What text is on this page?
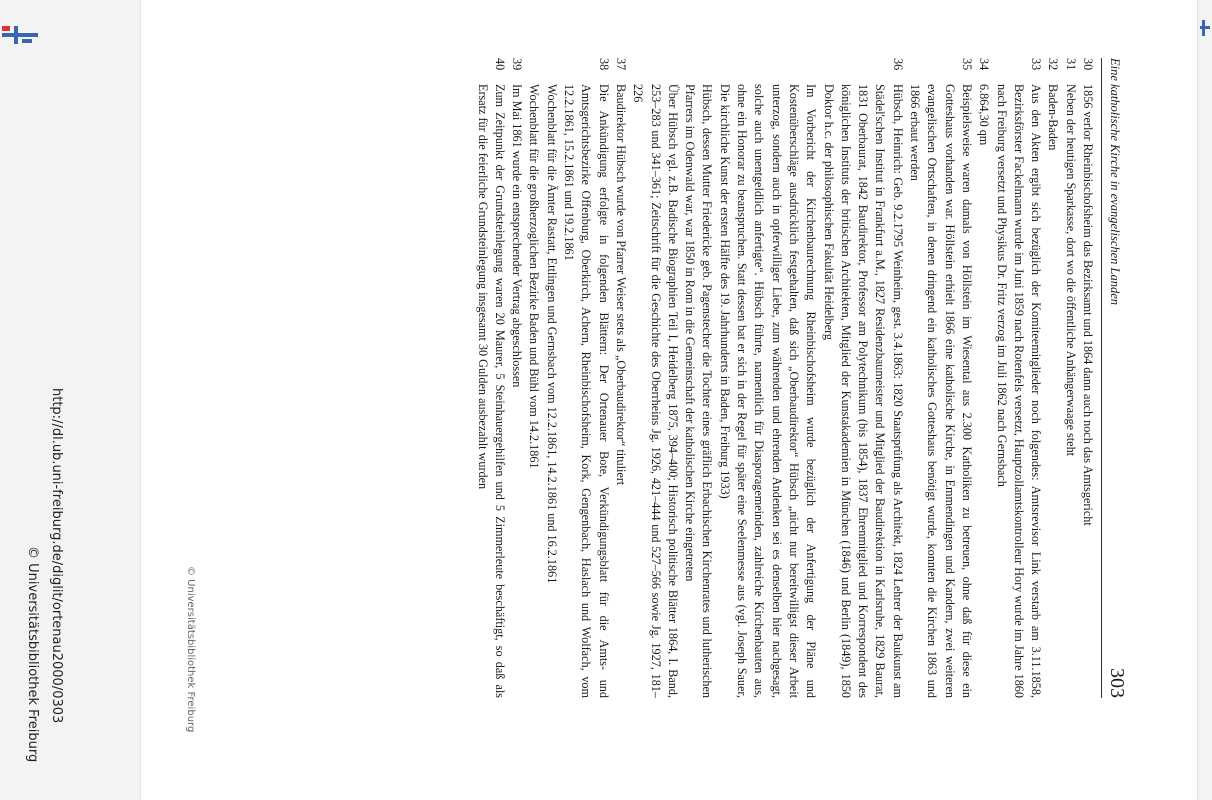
Eine katholische Kirche in evangelischen Landen
303
30

1856 verlor Rheinbischofsheim das Bezirksamt und 1864 dann auch noch das Amtsgericht

31

Neben der heutigen Sparkasse, dort wo die öffentliche Anhängerwaage steht

32

Baden-Baden

33

Aus den Akten ergibt sich bezüglich der Komiteemitglieder noch folgendes: Amtsrevisor Link verstarb am 3.11.1858, Bezirksförster Fackelmann wurde im Juni 1859 nach Rotenfels versetzt, Hauptzollamtskontrolleur Hory wurde im Jahre 1860 nach Freiburg versetzt und Physikus Dr. Fritz verzog im Juli 1862 nach Gernsbach

34

6.864,30 qm

35

Beispielsweise waren damals von Höllstein im Wiesental aus 2.300 Katholiken zu betreuen, ohne daß für diese ein Gotteshaus vorhanden war. Höllstein erhielt 1866 eine katholische Kirche, in Emmendingen und Kandern, zwei weiteren evangelischen Ortschaften, in denen dringend ein katholisches Gotteshaus benötigt wurde, konnten die Kirchen 1863 und 1866 erbaut werden

36

Hübsch, Heinrich: Geb. 9.2.1795 Weinheim, gest. 3.4.1863: 1820 Staatsprüfung als Architekt, 1824 Lehrer der Baukunst am Städel'schen Institut in Frankfurt a.M., 1827 Residenzbaumeister und Mitglied der Baudirektion in Karlsruhe, 1829 Baurat, 1831 Oberbaurat, 1842 Baudirektor, Professor am Polytechnikum (bis 1854), 1837 Ehrenmitglied und Korrespondent des königlichen Instituts der britischen Architekten, Mitglied der Kunstakademien in München (1846) und Berlin (1849), 1850 Doktor h.c. der philosophischen Fakultät Heidelberg

Im Vorbericht der Kirchenbaurechnung Rheinbischofsheim wurde bezüglich der Anfertigung der Pläne und Kostenüberschläge ausdrücklich festgehalten, daß sich „Oberbaudirektor“ Hübsch „nicht nur bereitwilligst dieser Arbeit unterzog, sondern auch in opferwilliger Liebe, zum währenden und ehrenden Andenken sei es denselben hier nachgesagt, solche auch unentgeldlich anfertigte“. Hübsch führte, namentlich für Diasporagemeinden, zahlreiche Kirchenbauten aus, ohne ein Honorar zu beanspruchen. Statt dessen bat er sich in der Regel für später eine Seelenmesse aus (vgl. Joseph Sauer, Die kirchliche Kunst der ersten Hälfte des 19. Jahrhunderts in Baden, Freiburg 1933)

Hübsch, dessen Mutter Friedericke geb. Pagenstecher die Tochter eines gräflich Erbachischen Kirchenrates und lutherischen Pfarrers im Odenwald war, war 1850 in Rom in die Gemeinschaft der katholischen Kirche eingetreten

Über Hübsch vgl. z.B. Badische Biographien Teil I, Heidelberg 1875, 394–400; Historisch politische Blätter 1864, I. Band, 253–283 und 341–361; Zeitschrift für die Geschichte des Oberrheins Jg. 1926, 421–444 und 527–566 sowie Jg. 1927, 181–226

37

Baudirektor Hübsch wurde von Pfarrer Weiser stets als „Oberbaudirektor“ tituliert

38

Die Ankündigung erfolgte in folgenden Blättern: Der Ortenauer Bote, Verkündigungsblatt für die Amts- und Amtsgerichtsbezirke Offenburg, Oberkirch, Achern, Rheinbischofsheim, Kork, Gengenbach, Haslach und Wolfach, vom 12.2.1861, 15.2.1861 und 19.2.1861

Wochenblatt für die Ämter Rastatt, Ettlingen und Gernsbach vom 12.2.1861, 14.2.1861 und 16.2.1861

Wochenblatt für die großherzoglichen Bezirke Baden und Bühl vom 14.2.1861

39

Im Mai 1861 wurde ein entsprechender Vertrag abgeschlossen

40

Zum Zeitpunkt der Grundsteinlegung waren 20 Maurer, 5 Steinhauergehilfen und 5 Zimmerleute beschäftigt, so daß als Ersatz für die feierliche Grundsteinlegung insgesamt 30 Gulden ausbezahlt wurden

© Universitätsbibliothek Freiburg
http://dl.ub.uni-freiburg.de/diglit/ortenau2000/0303
© Universitätsbibliothek Freiburg
